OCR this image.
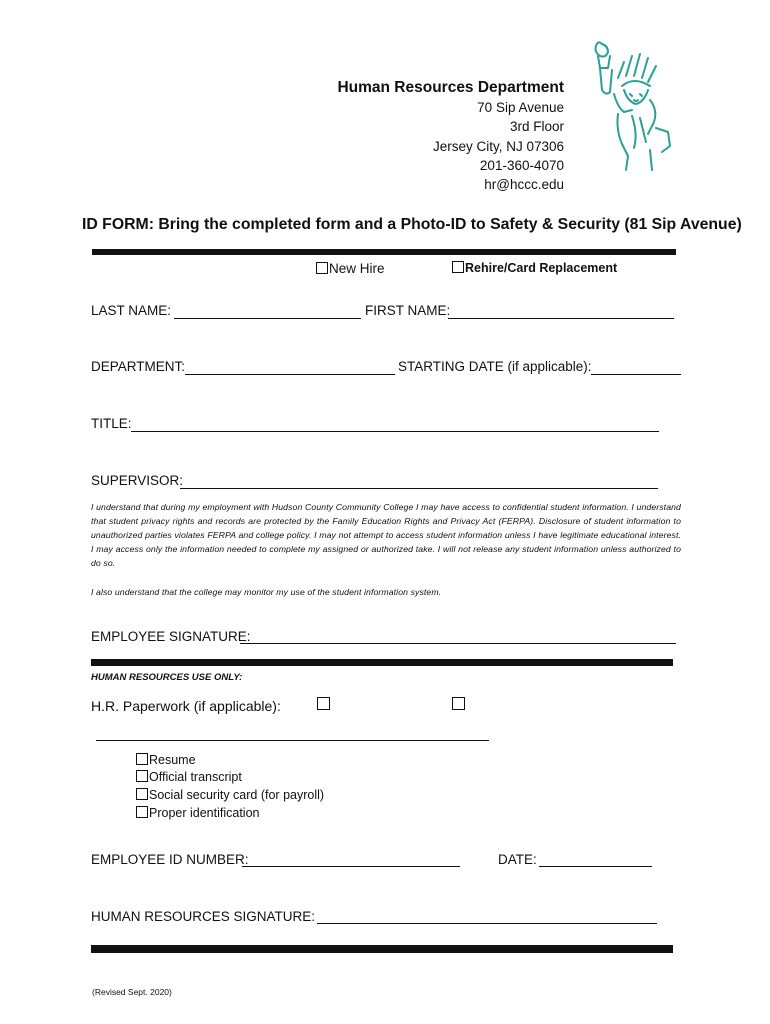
Human Resources Department
70 Sip Avenue
3rd Floor
Jersey City, NJ 07306
201-360-4070
hr@hccc.edu
ID FORM: Bring the completed form and a Photo-ID to Safety & Security (81 Sip Avenue)
New Hire	Rehire/Card Replacement
LAST NAME:	FIRST NAME:
DEPARTMENT:	STARTING DATE (if applicable):
TITLE:
SUPERVISOR:
I understand that during my employment with Hudson County Community College I may have access to confidential student information. I understand that student privacy rights and records are protected by the Family Education Rights and Privacy Act (FERPA). Disclosure of student information to unauthorized parties violates FERPA and college policy. I may not attempt to access student information unless I have legitimate educational interest. I may access only the information needed to complete my assigned or authorized take. I will not release any student information unless authorized to do so.
I also understand that the college may monitor my use of the student information system.
EMPLOYEE SIGNATURE:
HUMAN RESOURCES USE ONLY:
H.R. Paperwork (if applicable):
Resume
Official transcript
Social security card (for payroll)
Proper identification
EMPLOYEE ID NUMBER:	DATE:
HUMAN RESOURCES SIGNATURE:
(Revised Sept. 2020)
